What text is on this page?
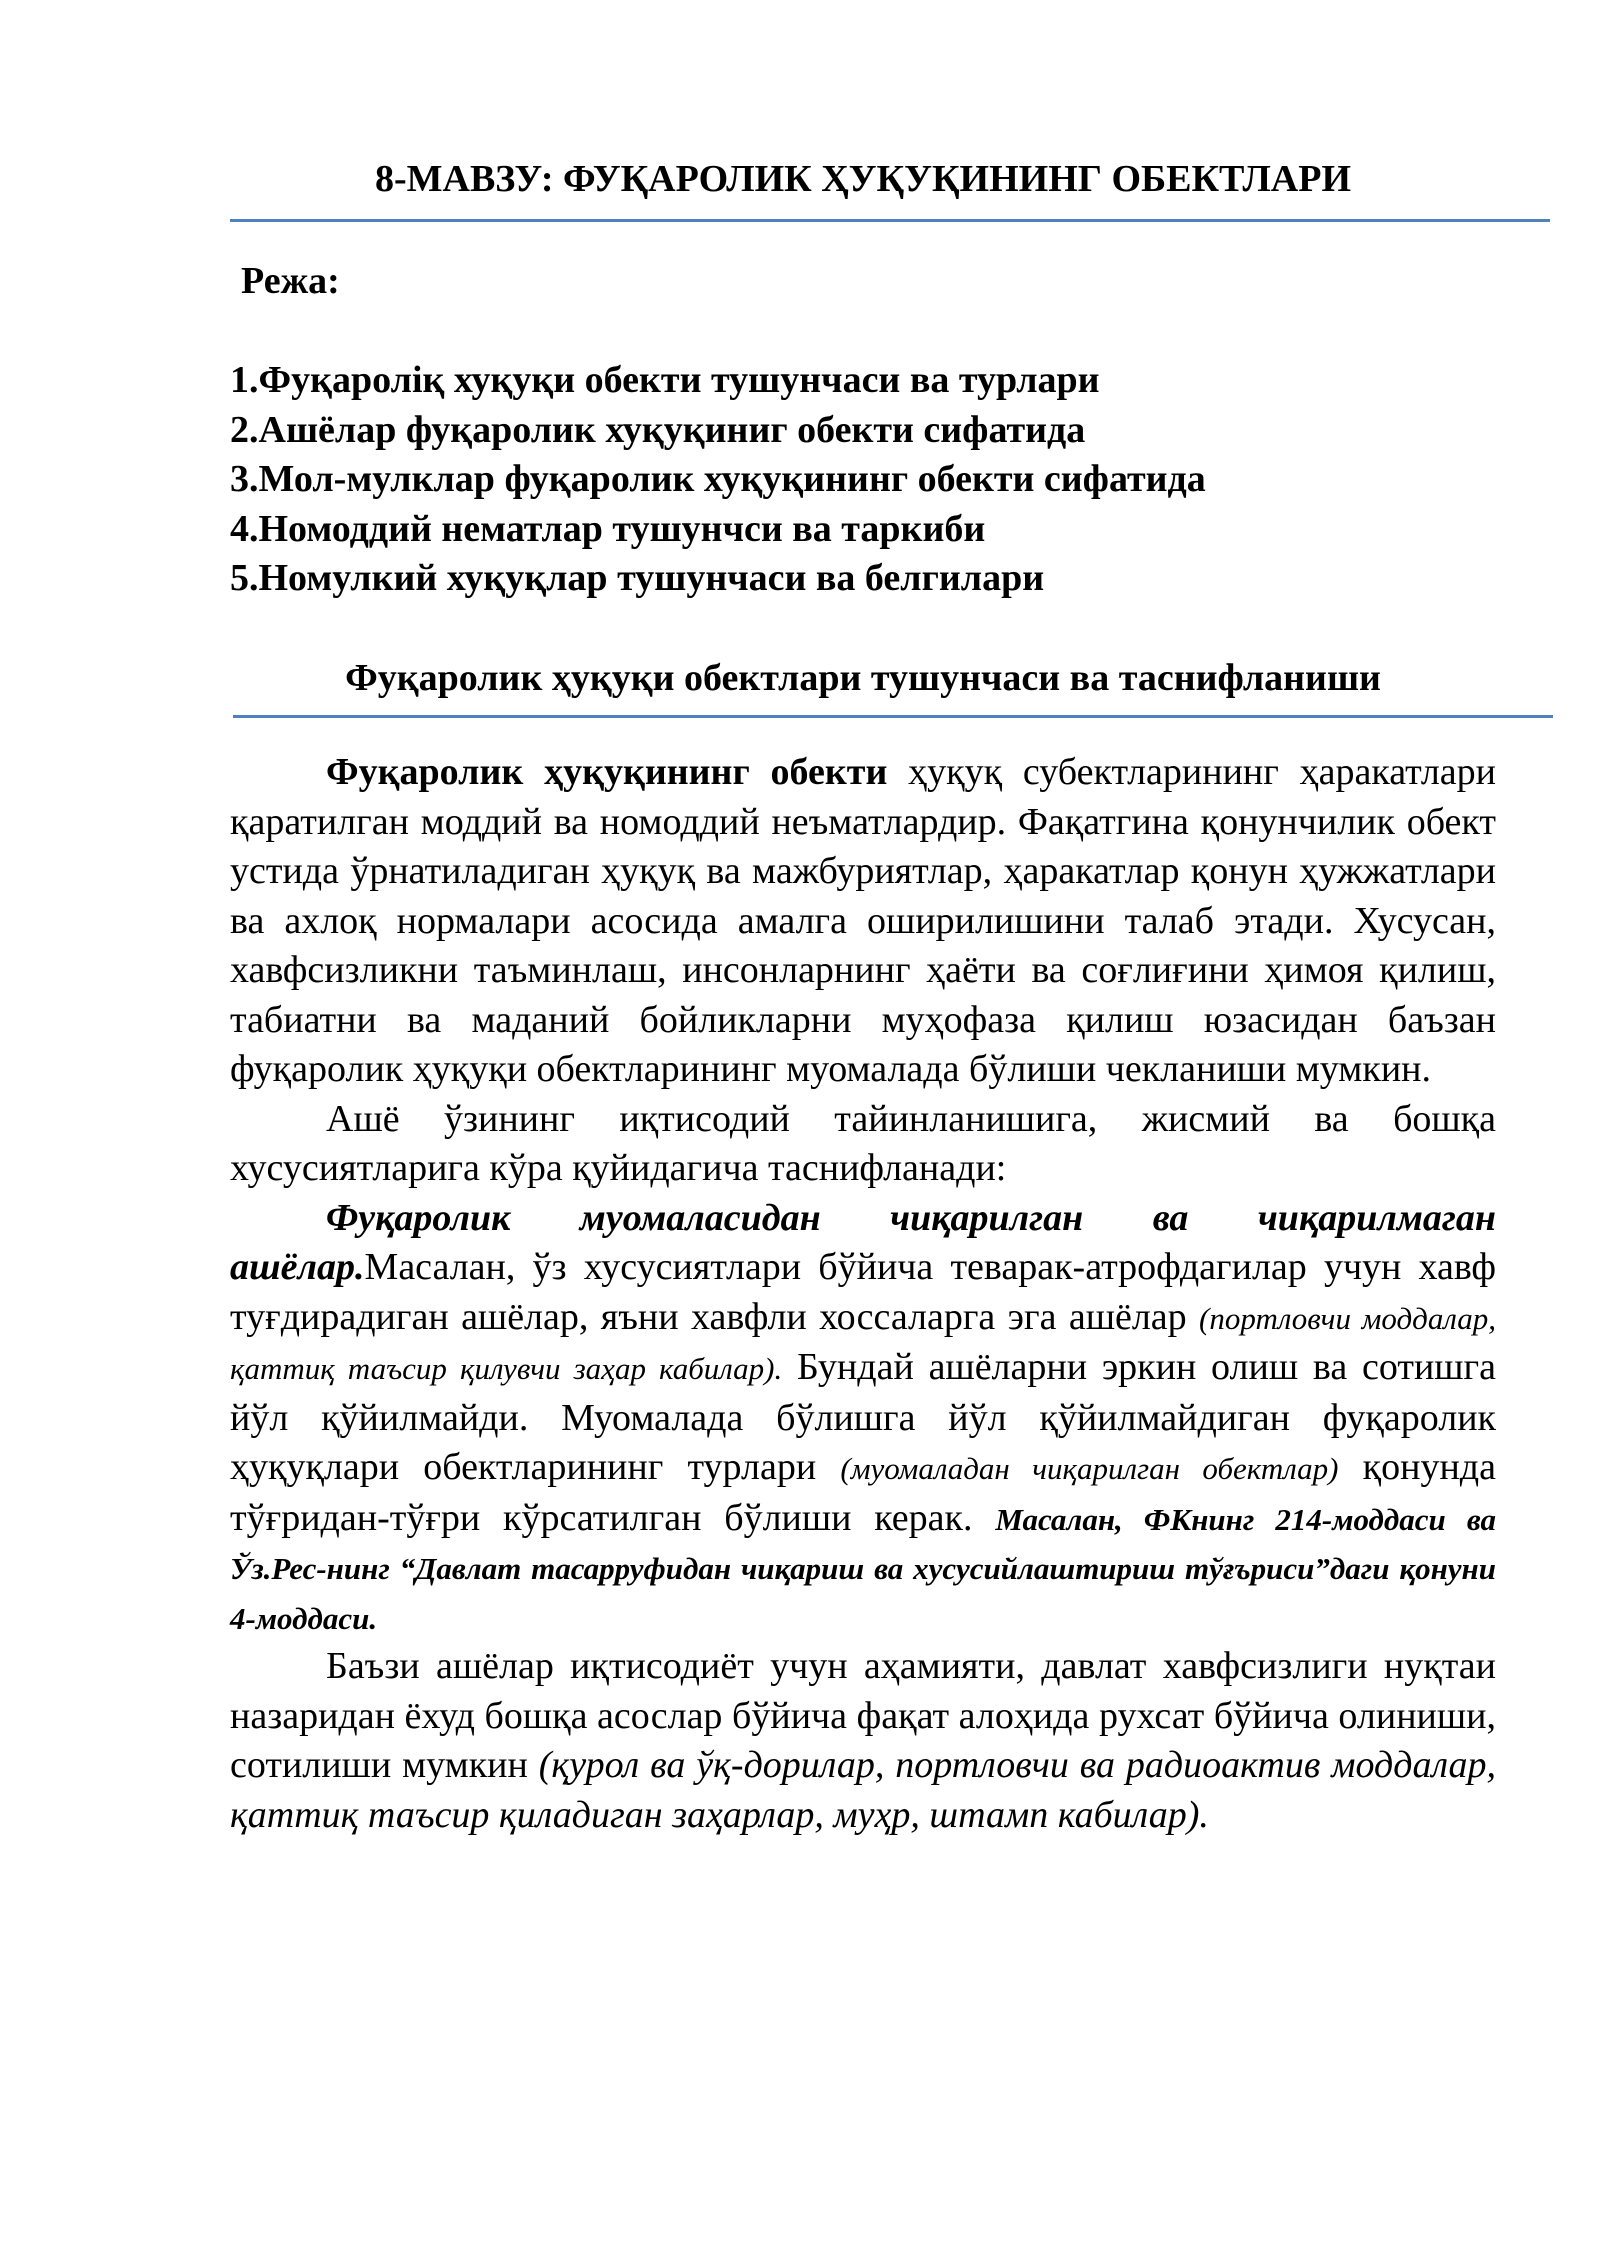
8-МАВЗУ: ФУҚАРОЛИК ҲУҚУҚИНИНГ ОБЕКТЛАРИ
Режа:
1.Фуқароліқ хуқуқи обекти тушунчаси ва турлари
2.Ашёлар фуқаролик хуқуқиниг обекти сифатида
3.Мол-мулклар фуқаролик хуқуқининг обекти сифатида
4.Номоддий нематлар тушунчси ва таркиби
5.Номулкий хуқуқлар тушунчаси ва белгилари
Фуқаролик ҳуқуқи обектлари тушунчаси ва таснифланиши

Фуқаролик ҳуқуқининг обекти ҳуқуқ субектларининг ҳаракатлари қаратилган моддий ва номоддий неъматлардир. Фақатгина қонунчилик обект устида ўрнатиладиган ҳуқуқ ва мажбуриятлар, ҳаракатлар қонун ҳужжатлари ва ахлоқ нормалари асосида амалга оширилишини талаб этади. Хусусан, хавфсизликни таъминлаш, инсонларнинг ҳаёти ва соғлиғини ҳимоя қилиш, табиатни ва маданий бойликларни муҳофаза қилиш юзасидан баъзан фуқаролик ҳуқуқи обектларининг муомалада бўлиши чекланиши мумкин.

Ашё ўзининг иқтисодий тайинланишига, жисмий ва бошқа хусусиятларига кўра қуйидагича таснифланади:

Фуқаролик муомаласидан чиқарилган ва чиқарилмаган ашёлар.Масалан, ўз хусусиятлари бўйича теварак-атрофдагилар учун хавф туғдирадиган ашёлар, яъни хавфли хоссаларга эга ашёлар (портловчи моддалар, қаттиқ таъсир қилувчи заҳар кабилар). Бундай ашёларни эркин олиш ва сотишга йўл қўйилмайди. Муомалада бўлишга йўл қўйилмайдиган фуқаролик ҳуқуқлари обектларининг турлари (муомаладан чиқарилган обектлар) қонунда тўғридан-тўғри кўрсатилган бўлиши керак. Масалан, ФКнинг 214-моддаси ва Ўз.Рес-нинг “Давлат тасарруфидан чиқариш ва хусусийлаштириш тўғъриси”даги қонуни 4-моддаси.

Баъзи ашёлар иқтисодиёт учун аҳамияти, давлат хавфсизлиги нуқтаи назаридан ёхуд бошқа асослар бўйича фақат алоҳида рухсат бўйича олиниши, сотилиши мумкин (қурол ва ўқ-дорилар, портловчи ва радиоактив моддалар, қаттиқ таъсир қиладиган заҳарлар, муҳр, штамп кабилар).
